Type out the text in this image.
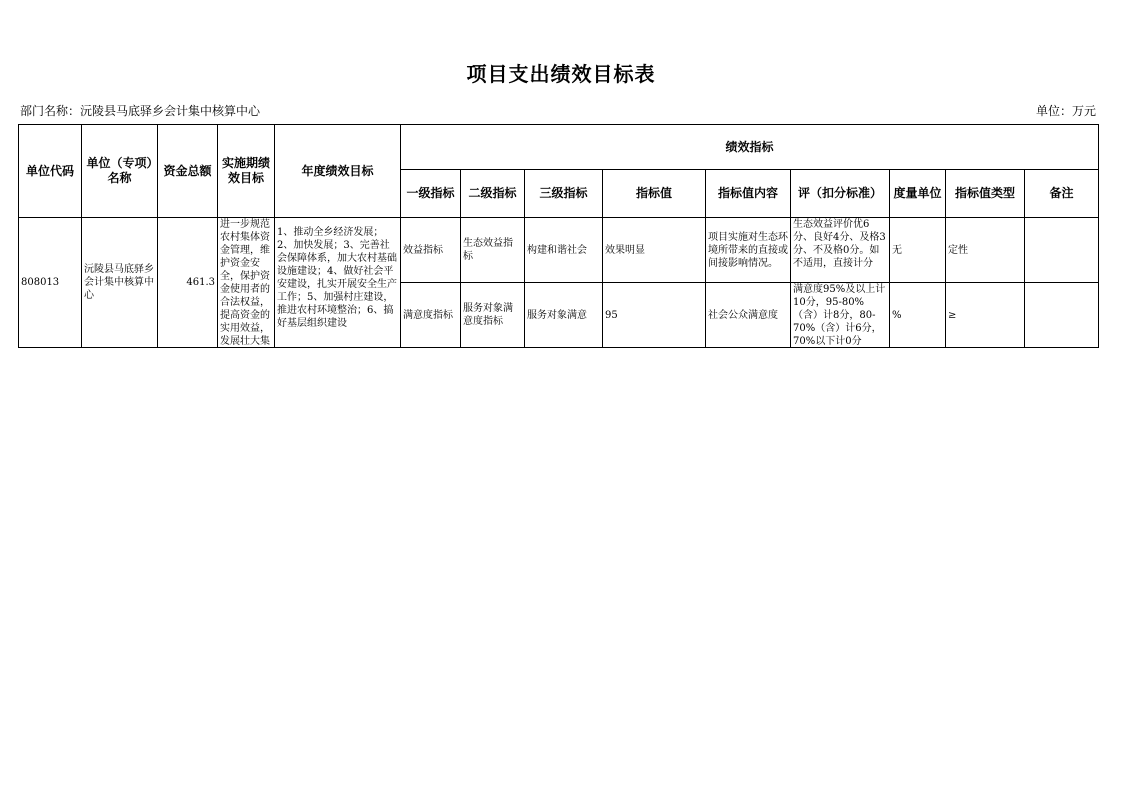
项目支出绩效目标表
部门名称：沅陵县马底驿乡会计集中核算中心	单位：万元
单位代码	单位（专项）名称	资金总额	实施期绩效目标	年度绩效目标	绩效指标								
					一级指标	二级指标	三级指标	指标值	指标值内容	评（扣分标准）	度量单位	指标值类型	备注
808013	沅陵县马底驿乡会计集中核算中心	461.3	进一步规范农村集体资金管理，维护资金安全，保护资金使用者的合法权益，提高资金的实用效益，发展壮大集	1、推动全乡经济发展；2、加快发展；3、完善社会保障体系，加大农村基础设施建设；4、做好社会平安建设，扎实开展安全生产工作；5、加强村庄建设，推进农村环境整治；6、搞好基层组织建设	效益指标	生态效益指标	构建和谐社会	效果明显	项目实施对生态环境所带来的直接或间接影响情况。	生态效益评价优6分、良好4分、及格3分、不及格0分。如不适用，直接计分	无	定性	
					满意度指标	服务对象满意度指标	服务对象满意	95	社会公众满意度	满意度95%及以上计10分，95-80%（含）计8分，80-70%（含）计6分，70%以下计0分	%	≥	
